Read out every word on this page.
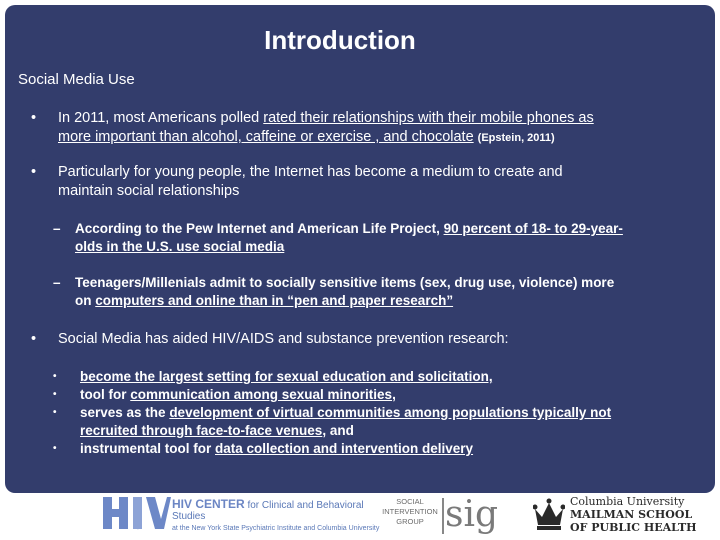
Introduction
Social Media Use
• In 2011, most Americans polled rated their relationships with their mobile phones as
more important than alcohol, caffeine or exercise , and chocolate (Epstein, 2011)
• Particularly for young people, the Internet has become a medium to create and
maintain social relationships
– According to the Pew Internet and American Life Project, 90 percent of 18- to 29-year-
olds in the U.S. use social media
– Teenagers/Millenials admit to socially sensitive items (sex, drug use, violence) more
on computers and online than in “pen and paper research”
• Social Media has aided HIV/AIDS and substance prevention research:
• become the largest setting for sexual education and solicitation,
• tool for communication among sexual minorities,
• serves as the development of virtual communities among populations typically not
recruited through face-to-face venues, and
• instrumental tool for data collection and intervention delivery
HIV
HIV CENTER for Clinical and Behavioral Studies
at the New York State Psychiatric Institute and Columbia University
SOCIAL
INTERVENTION
GROUP sig	Columbia University
MAILMAN SCHOOL
OF PUBLIC HEALTH
